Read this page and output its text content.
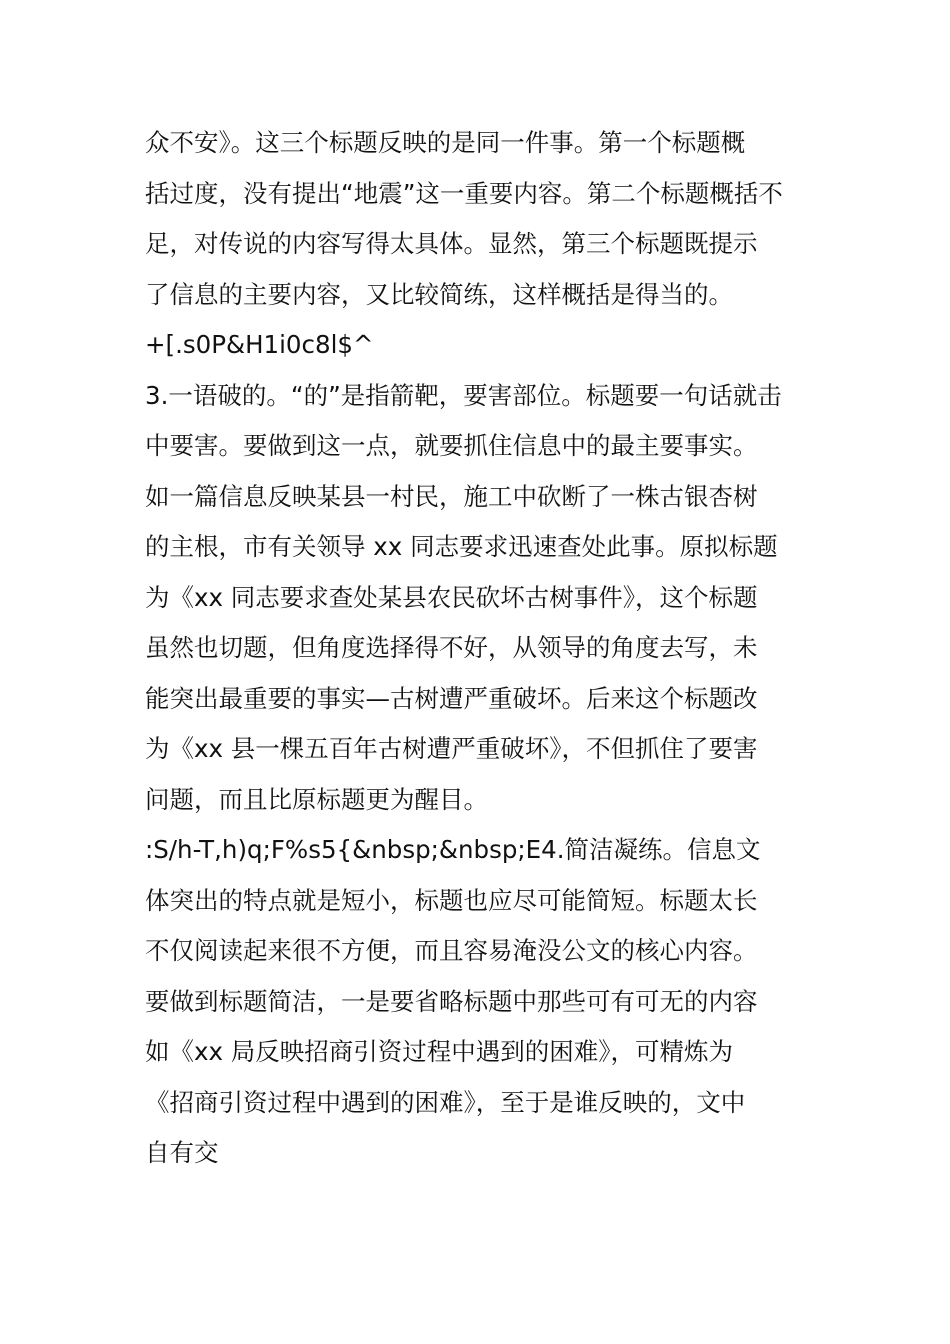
众不安》。这三个标题反映的是同一件事。第一个标题概
括过度，没有提出“地震”这一重要内容。第二个标题概括不
足，对传说的内容写得太具体。显然，第三个标题既提示
了信息的主要内容，又比较简练，这样概括是得当的。
+[.s0P&H1i0c8l$^
3.一语破的。“的”是指箭靶，要害部位。标题要一句话就击
中要害。要做到这一点，就要抓住信息中的最主要事实。
如一篇信息反映某县一村民，施工中砍断了一株古银杏树
的主根，市有关领导 xx 同志要求迅速查处此事。原拟标题
为《xx 同志要求查处某县农民砍坏古树事件》，这个标题
虽然也切题，但角度选择得不好，从领导的角度去写，未
能突出最重要的事实—古树遭严重破坏。后来这个标题改
为《xx 县一棵五百年古树遭严重破坏》，不但抓住了要害
问题，而且比原标题更为醒目。
:S/h-T,h)q;F%s5{&nbsp;&nbsp;E4.简洁凝练。信息文
体突出的特点就是短小，标题也应尽可能简短。标题太长
不仅阅读起来很不方便，而且容易淹没公文的核心内容。
要做到标题简洁，一是要省略标题中那些可有可无的内容
如《xx 局反映招商引资过程中遇到的困难》，可精炼为
《招商引资过程中遇到的困难》，至于是谁反映的，文中
自有交
